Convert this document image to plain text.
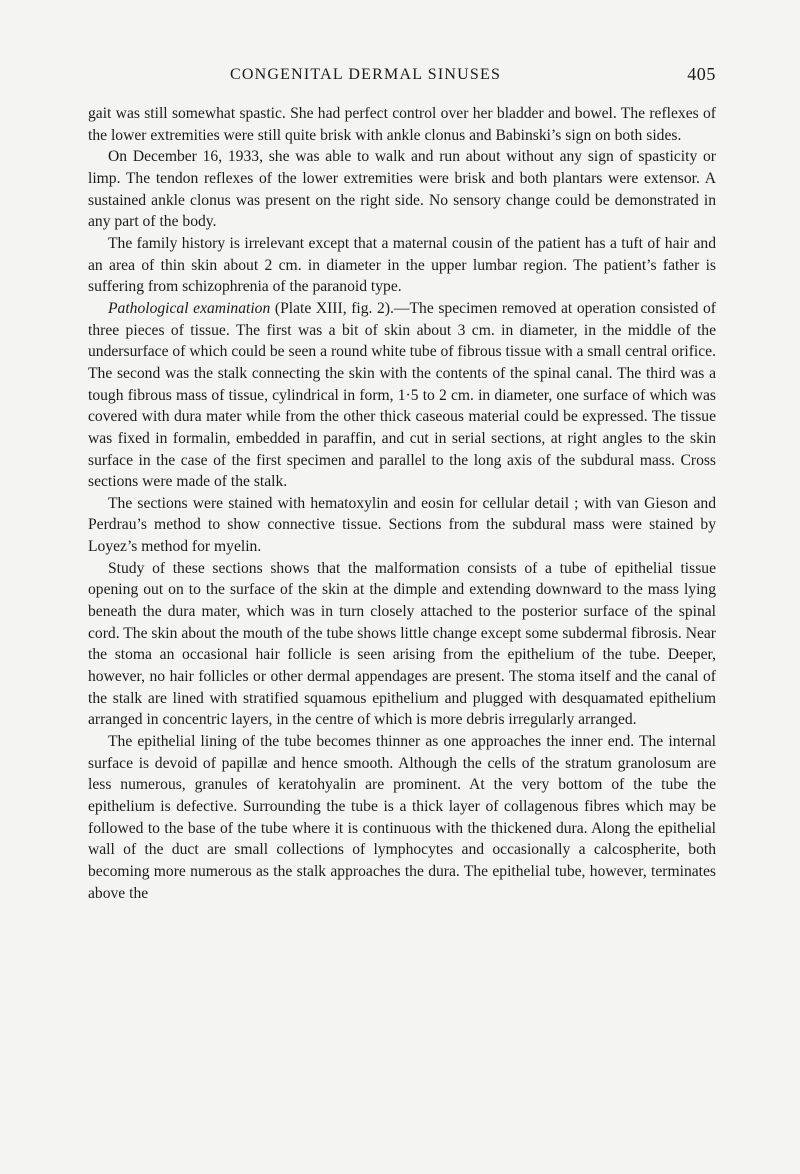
CONGENITAL DERMAL SINUSES	405

gait was still somewhat spastic. She had perfect control over her bladder and bowel. The reflexes of the lower extremities were still quite brisk with ankle clonus and Babinski’s sign on both sides.

On December 16, 1933, she was able to walk and run about without any sign of spasticity or limp. The tendon reflexes of the lower extremities were brisk and both plantars were extensor. A sustained ankle clonus was present on the right side. No sensory change could be demonstrated in any part of the body.

The family history is irrelevant except that a maternal cousin of the patient has a tuft of hair and an area of thin skin about 2 cm. in diameter in the upper lumbar region. The patient’s father is suffering from schizophrenia of the paranoid type.

Pathological examination (Plate XIII, fig. 2).—The specimen removed at operation consisted of three pieces of tissue. The first was a bit of skin about 3 cm. in diameter, in the middle of the undersurface of which could be seen a round white tube of fibrous tissue with a small central orifice. The second was the stalk connecting the skin with the contents of the spinal canal. The third was a tough fibrous mass of tissue, cylindrical in form, 1·5 to 2 cm. in diameter, one surface of which was covered with dura mater while from the other thick caseous material could be expressed. The tissue was fixed in formalin, embedded in paraffin, and cut in serial sections, at right angles to the skin surface in the case of the first specimen and parallel to the long axis of the subdural mass. Cross sections were made of the stalk.

The sections were stained with hematoxylin and eosin for cellular detail ; with van Gieson and Perdrau’s method to show connective tissue. Sections from the subdural mass were stained by Loyez’s method for myelin.

Study of these sections shows that the malformation consists of a tube of epithelial tissue opening out on to the surface of the skin at the dimple and extending downward to the mass lying beneath the dura mater, which was in turn closely attached to the posterior surface of the spinal cord. The skin about the mouth of the tube shows little change except some subdermal fibrosis. Near the stoma an occasional hair follicle is seen arising from the epithelium of the tube. Deeper, however, no hair follicles or other dermal appendages are present. The stoma itself and the canal of the stalk are lined with stratified squamous epithelium and plugged with desquamated epithelium arranged in concentric layers, in the centre of which is more debris irregularly arranged.

The epithelial lining of the tube becomes thinner as one approaches the inner end. The internal surface is devoid of papillæ and hence smooth. Although the cells of the stratum granolosum are less numerous, granules of keratohyalin are prominent. At the very bottom of the tube the epithelium is defective. Surrounding the tube is a thick layer of collagenous fibres which may be followed to the base of the tube where it is continuous with the thickened dura. Along the epithelial wall of the duct are small collections of lymphocytes and occasionally a calcospherite, both becoming more numerous as the stalk approaches the dura. The epithelial tube, however, terminates above the
